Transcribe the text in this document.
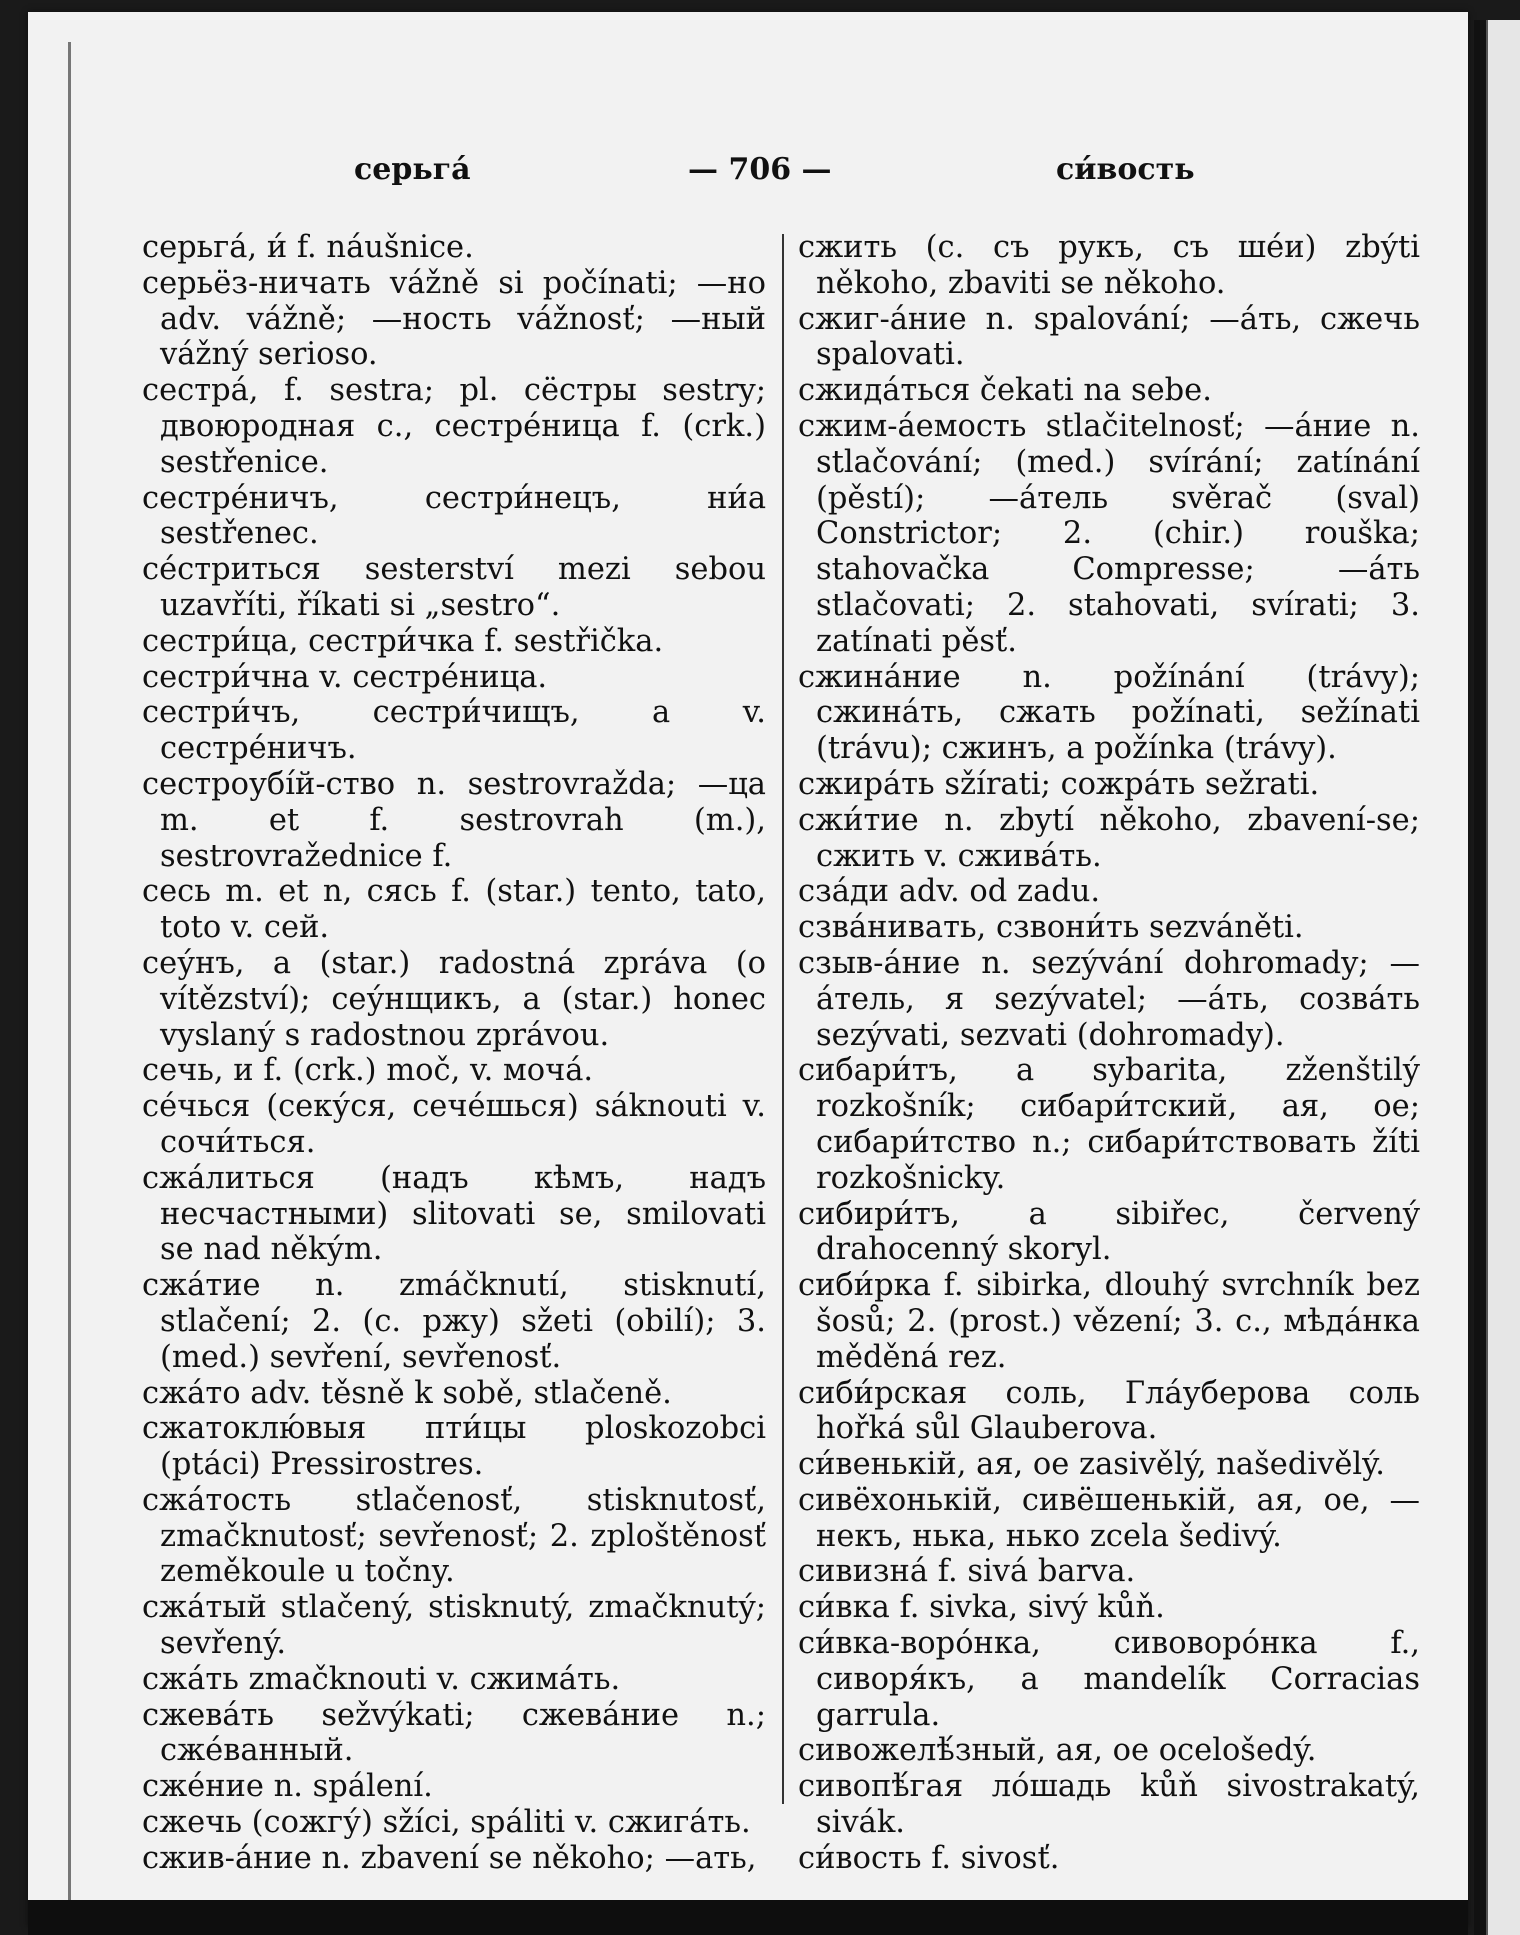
серьга́	— 706 —	си́вость

серьга́, и́ f. náušnice.

серьёз-ничать vážně si počínati; —но adv. vážně; —ность vážnosť; —ный vážný serioso.

сестра́, f. sestra; pl. сёстры sestry; двоюродная с., сестре́ница f. (crk.) sestřenice.

сестре́ничъ, сестри́нецъ, ни́а sestřenec.

се́стриться sesterství mezi sebou uzavříti, říkati si „sestro“.

сестри́ца, сестри́чка f. sestřička.

сестри́чна v. сестре́ница.

сестри́чъ, сестри́чищъ, а v. сестре́ничъ.

сестроубі́й-ство n. sestrovražda; —ца m. et f. sestrovrah (m.), sestrovražednice f.

сесь m. et n, сясь f. (star.) tento, tato, toto v. сей.

сеу́нъ, а (star.) radostná zpráva (o vítězství); сеу́нщикъ, а (star.) honec vyslaný s radostnou zprávou.

сечь, и f. (crk.) moč, v. моча́.

се́чься (секу́ся, сече́шься) sáknouti v. сочи́ться.

сжа́литься (надъ кѣмъ, надъ несчастными) slitovati se, smilovati se nad někým.

сжа́тие n. zmáčknutí, stisknutí, stlačení; 2. (с. ржу) sžeti (obilí); 3. (med.) sevření, sevřenosť.

сжа́то adv. těsně k sobě, stlačeně.

сжатоклю́выя пти́цы ploskozobci (ptáci) Pressirostres.

сжа́тость stlačenosť, stisknutosť, zmačknutosť; sevřenosť; 2. zploštěnosť zeměkoule u točny.

сжа́тый stlačený, stisknutý, zmačknutý; sevřený.

сжа́ть zmačknouti v. сжима́ть.

сжева́ть sežvýkati; сжева́ние n.; сже́ванный.

сже́ние n. spálení.

сжечь (сожгу́) sžíci, spáliti v. сжига́ть.

сжив-а́ние n. zbavení se někoho; —ать,

сжить (с. съ рукъ, съ ше́и) zbýti někoho, zbaviti se někoho.

сжиг-а́ние n. spalování; —а́ть, сжечь spalovati.

сжида́ться čekati na sebe.

сжим-а́емость stlačitelnosť; —а́ние n. stlačování; (med.) svírání; zatínání (pěstí); —а́тель svěrač (sval) Constrictor; 2. (chir.) rouška; stahovačka Compresse; —а́ть stlačovati; 2. stahovati, svírati; 3. zatínati pěsť.

сжина́ние n. požínání (trávy); сжина́ть, сжать požínati, sežínati (trávu); сжинъ, а požínka (trávy).

сжира́ть sžírati; сожра́ть sežrati.

сжи́тие n. zbytí někoho, zbavení-se; сжить v. сжива́ть.

сза́ди adv. od zadu.

сзва́нивать, сзвони́ть sezváněti.

сзыв-а́ние n. sezývání dohromady; —а́тель, я sezývatel; —а́ть, созва́ть sezývati, sezvati (dohromady).

сибари́тъ, а sybarita, zženštilý rozkošník; сибари́тский, ая, ое; сибари́тство n.; сибари́тствовать žíti rozkošnicky.

сибири́тъ, а sibiřec, červený drahocenný skoryl.

сиби́рка f. sibirka, dlouhý svrchník bez šosů; 2. (prost.) vězení; 3. с., мѣда́нка měděná rez.

сиби́рская соль, Гла́уберова соль hořká sůl Glauberova.

си́венькій, ая, ое zasivělý, našedivělý.

сивёхонькій, сивёшенькій, ая, ое, —некъ, нька, нько zcela šedivý.

сивизна́ f. sivá barva.

си́вка f. sivka, sivý kůň.

си́вка-воро́нка, сивоворо́нка f., сиворя́къ, а mandelík Corracias garrula.

сивожелѣ́зный, ая, ое ocelošedý.

сивопѣ́гая ло́шадь kůň sivostrakatý, sivák.

си́вость f. sivosť.
